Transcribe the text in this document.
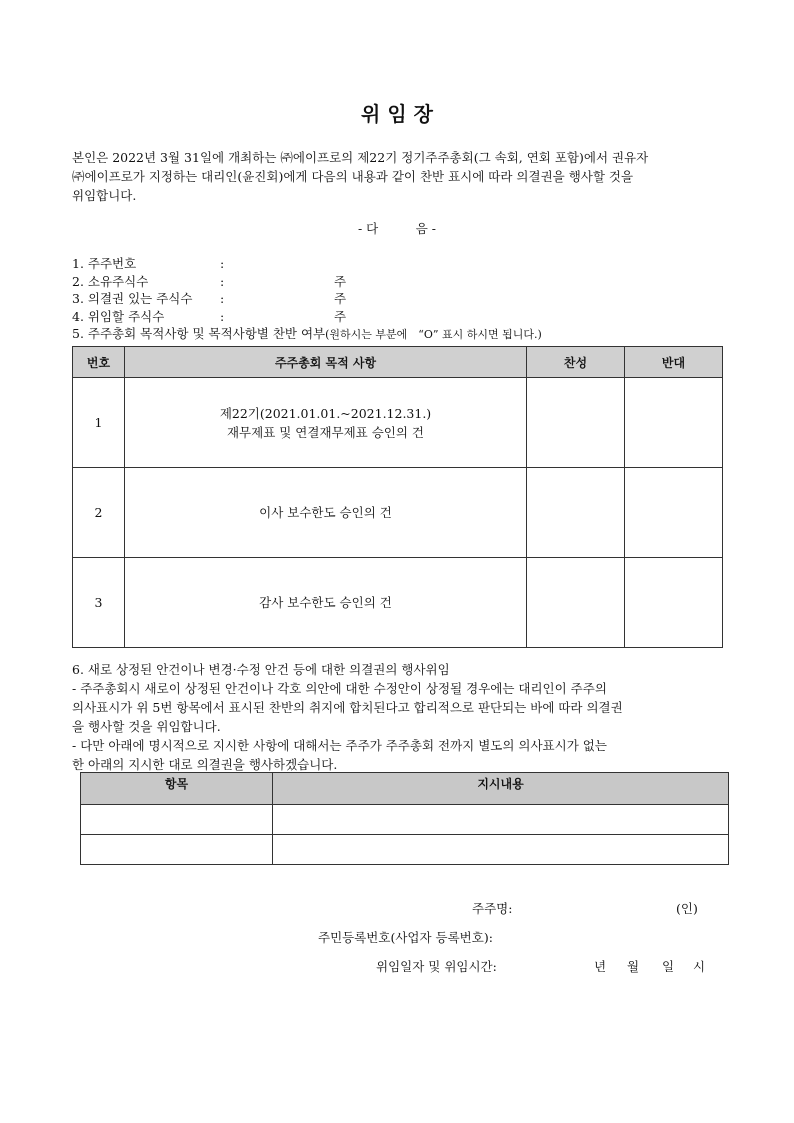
위 임 장
본인은 2022년 3월 31일에 개최하는 ㈜에이프로의 제22기 정기주주총회(그 속회, 연회 포함)에서 권유자
㈜에이프로가 지정하는 대리인(윤진회)에게 다음의 내용과 같이 찬반 표시에 따라 의결권을 행사할 것을
위임합니다.
- 다　　　음 -
1. 주주번호	:
2. 소유주식수	:	주
3. 의결권 있는 주식수 :	주
4. 위임할 주식수	:	주
5. 주주총회 목적사항 및 목적사항별 찬반 여부(원하시는 부분에　“O” 표시 하시면 됩니다.)
번호	주주총회 목적 사항	찬성	반대
1	제22기(2021.01.01.~2021.12.31.)
재무제표 및 연결재무제표 승인의 건		

2	이사 보수한도 승인의 건		
3	감사 보수한도 승인의 건		
6. 새로 상정된 안건이나 변경·수정 안건 등에 대한 의결권의 행사위임
- 주주총회시 새로이 상정된 안건이나 각호 의안에 대한 수정안이 상정될 경우에는 대리인이 주주의
의사표시가 위 5번 항목에서 표시된 찬반의 취지에 합치된다고 합리적으로 판단되는 바에 따라 의결권
을 행사할 것을 위임합니다.
- 다만 아래에 명시적으로 지시한 사항에 대해서는 주주가 주주총회 전까지 별도의 의사표시가 없는
한 아래의 지시한 대로 의결권을 행사하겠습니다.
항목	지시내용

주주명:	(인)
주민등록번호(사업자 등록번호):
위임일자 및 위임시간:	년 월 일 시
